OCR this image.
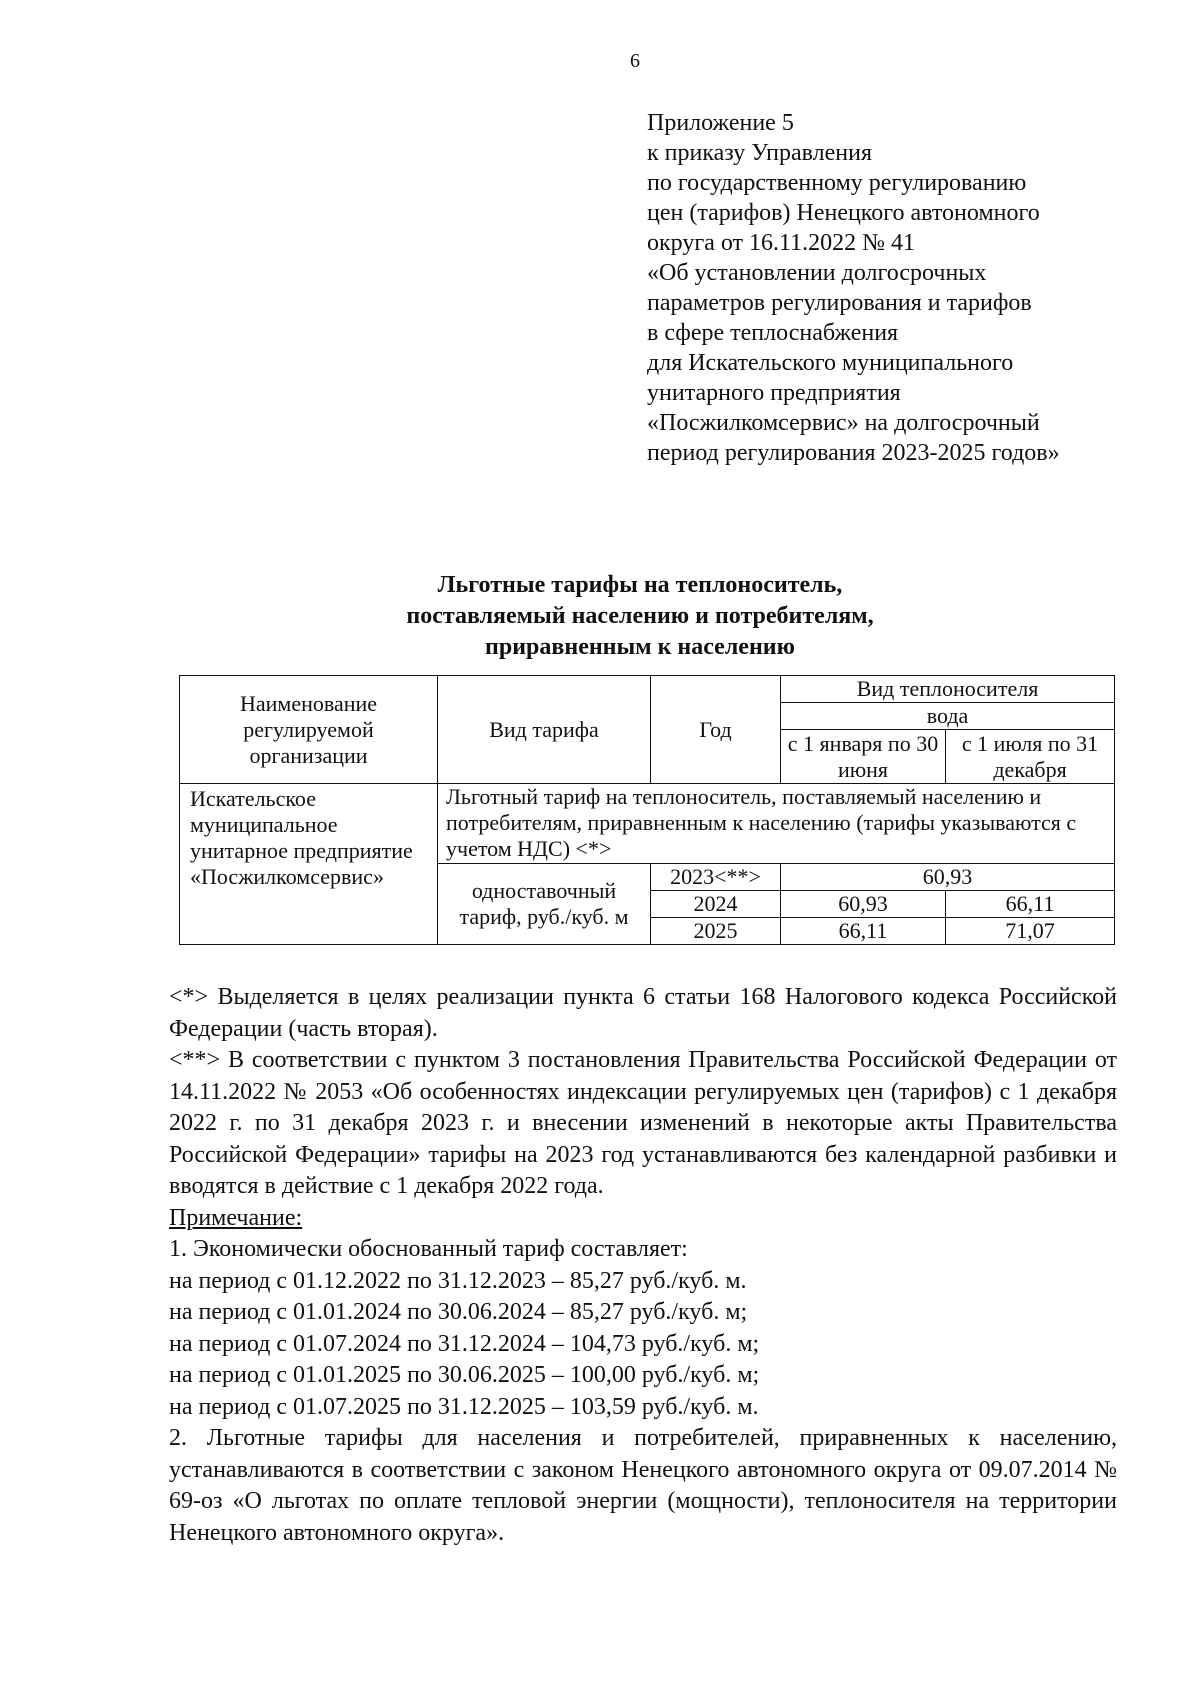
6
Приложение 5
к приказу Управления
по государственному регулированию
цен (тарифов) Ненецкого автономного
округа от 16.11.2022 № 41
«Об установлении долгосрочных
параметров регулирования и тарифов
в сфере теплоснабжения
для Искательского муниципального
унитарного предприятия
«Посжилкомсервис» на долгосрочный
период регулирования 2023-2025 годов»
Льготные тарифы на теплоноситель,
поставляемый населению и потребителям,
приравненным к населению
Наименование регулируемой организации	Вид тарифа	Год	Вид теплоносителя	
			вода	
			с 1 января по 30 июня	с 1 июля по 31 декабря

Искательское муниципальное унитарное предприятие «Посжилкомсервис»	Льготный тариф на теплоноситель, поставляемый населению и потребителям, приравненным к населению (тарифы указываются с учетом НДС) <*>			
	одноставочный тариф, руб./куб. м	2023<**>	60,93	
		2024	60,93	66,11
		2025	66,11	71,07

<*> Выделяется в целях реализации пункта 6 статьи 168 Налогового кодекса Российской Федерации (часть вторая).

<**> В соответствии с пунктом 3 постановления Правительства Российской Федерации от 14.11.2022 № 2053 «Об особенностях индексации регулируемых цен (тарифов) с 1 декабря 2022 г. по 31 декабря 2023 г. и внесении изменений в некоторые акты Правительства Российской Федерации» тарифы на 2023 год устанавливаются без календарной разбивки и вводятся в действие с 1 декабря 2022 года.

Примечание:

1. Экономически обоснованный тариф составляет:

на период с 01.12.2022 по 31.12.2023 – 85,27 руб./куб. м.

на период с 01.01.2024 по 30.06.2024 – 85,27 руб./куб. м;

на период с 01.07.2024 по 31.12.2024 – 104,73 руб./куб. м;

на период с 01.01.2025 по 30.06.2025 – 100,00 руб./куб. м;

на период с 01.07.2025 по 31.12.2025 – 103,59 руб./куб. м.

2. Льготные тарифы для населения и потребителей, приравненных к населению, устанавливаются в соответствии с законом Ненецкого автономного округа от 09.07.2014 № 69-оз «О льготах по оплате тепловой энергии (мощности), теплоносителя на территории Ненецкого автономного округа».
